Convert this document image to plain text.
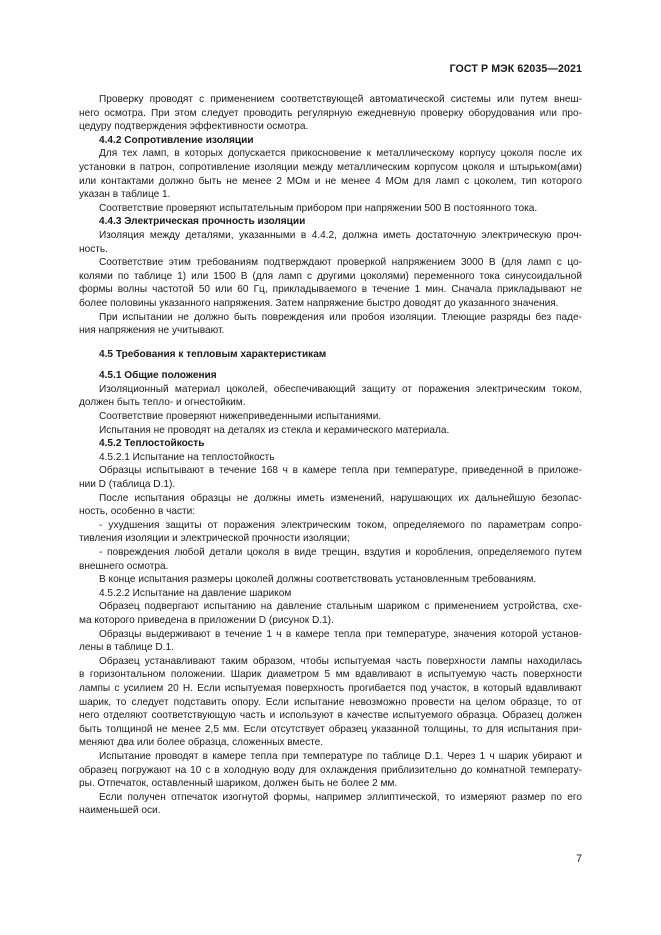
ГОСТ Р МЭК 62035—2021
Проверку проводят с применением соответствующей автоматической системы или путем внеш-
него осмотра. При этом следует проводить регулярную ежедневную проверку оборудования или про-
цедуру подтверждения эффективности осмотра.
4.4.2 Сопротивление изоляции
Для тех ламп, в которых допускается прикосновение к металлическому корпусу цоколя после их
установки в патрон, сопротивление изоляции между металлическим корпусом цоколя и штырьком(ами)
или контактами должно быть не менее 2 МОм и не менее 4 МОм для ламп с цоколем, тип которого
указан в таблице 1.
Соответствие проверяют испытательным прибором при напряжении 500 В постоянного тока.
4.4.3 Электрическая прочность изоляции
Изоляция между деталями, указанными в 4.4.2, должна иметь достаточную электрическую проч-
ность.
Соответствие этим требованиям подтверждают проверкой напряжением 3000 В (для ламп с цо-
колями по таблице 1) или 1500 В (для ламп с другими цоколями) переменного тока синусоидальной
формы волны частотой 50 или 60 Гц, прикладываемого в течение 1 мин. Сначала прикладывают не
более половины указанного напряжения. Затем напряжение быстро доводят до указанного значения.
При испытании не должно быть повреждения или пробоя изоляции. Тлеющие разряды без паде-
ния напряжения не учитывают.
4.5 Требования к тепловым характеристикам
4.5.1 Общие положения
Изоляционный материал цоколей, обеспечивающий защиту от поражения электрическим током,
должен быть тепло- и огнестойким.
Соответствие проверяют нижеприведенными испытаниями.
Испытания не проводят на деталях из стекла и керамического материала.
4.5.2 Теплостойкость
4.5.2.1 Испытание на теплостойкость
Образцы испытывают в течение 168 ч в камере тепла при температуре, приведенной в приложе-
нии D (таблица D.1).
После испытания образцы не должны иметь изменений, нарушающих их дальнейшую безопас-
ность, особенно в части:
- ухудшения защиты от поражения электрическим током, определяемого по параметрам сопро-
тивления изоляции и электрической прочности изоляции;
- повреждения любой детали цоколя в виде трещин, вздутия и коробления, определяемого путем
внешнего осмотра.
В конце испытания размеры цоколей должны соответствовать установленным требованиям.
4.5.2.2 Испытание на давление шариком
Образец подвергают испытанию на давление стальным шариком с применением устройства, схе-
ма которого приведена в приложении D (рисунок D.1).
Образцы выдерживают в течение 1 ч в камере тепла при температуре, значения которой установ-
лены в таблице D.1.
Образец устанавливают таким образом, чтобы испытуемая часть поверхности лампы находилась
в горизонтальном положении. Шарик диаметром 5 мм вдавливают в испытуемую часть поверхности
лампы с усилием 20 Н. Если испытуемая поверхность прогибается под участок, в который вдавливают
шарик, то следует подставить опору. Если испытание невозможно провести на целом образце, то от
него отделяют соответствующую часть и используют в качестве испытуемого образца. Образец должен
быть толщиной не менее 2,5 мм. Если отсутствует образец указанной толщины, то для испытания при-
меняют два или более образца, сложенных вместе.
Испытание проводят в камере тепла при температуре по таблице D.1. Через 1 ч шарик убирают и
образец погружают на 10 с в холодную воду для охлаждения приблизительно до комнатной температу-
ры. Отпечаток, оставленный шариком, должен быть не более 2 мм.
Если получен отпечаток изогнутой формы, например эллиптической, то измеряют размер по его
наименьшей оси.
7
